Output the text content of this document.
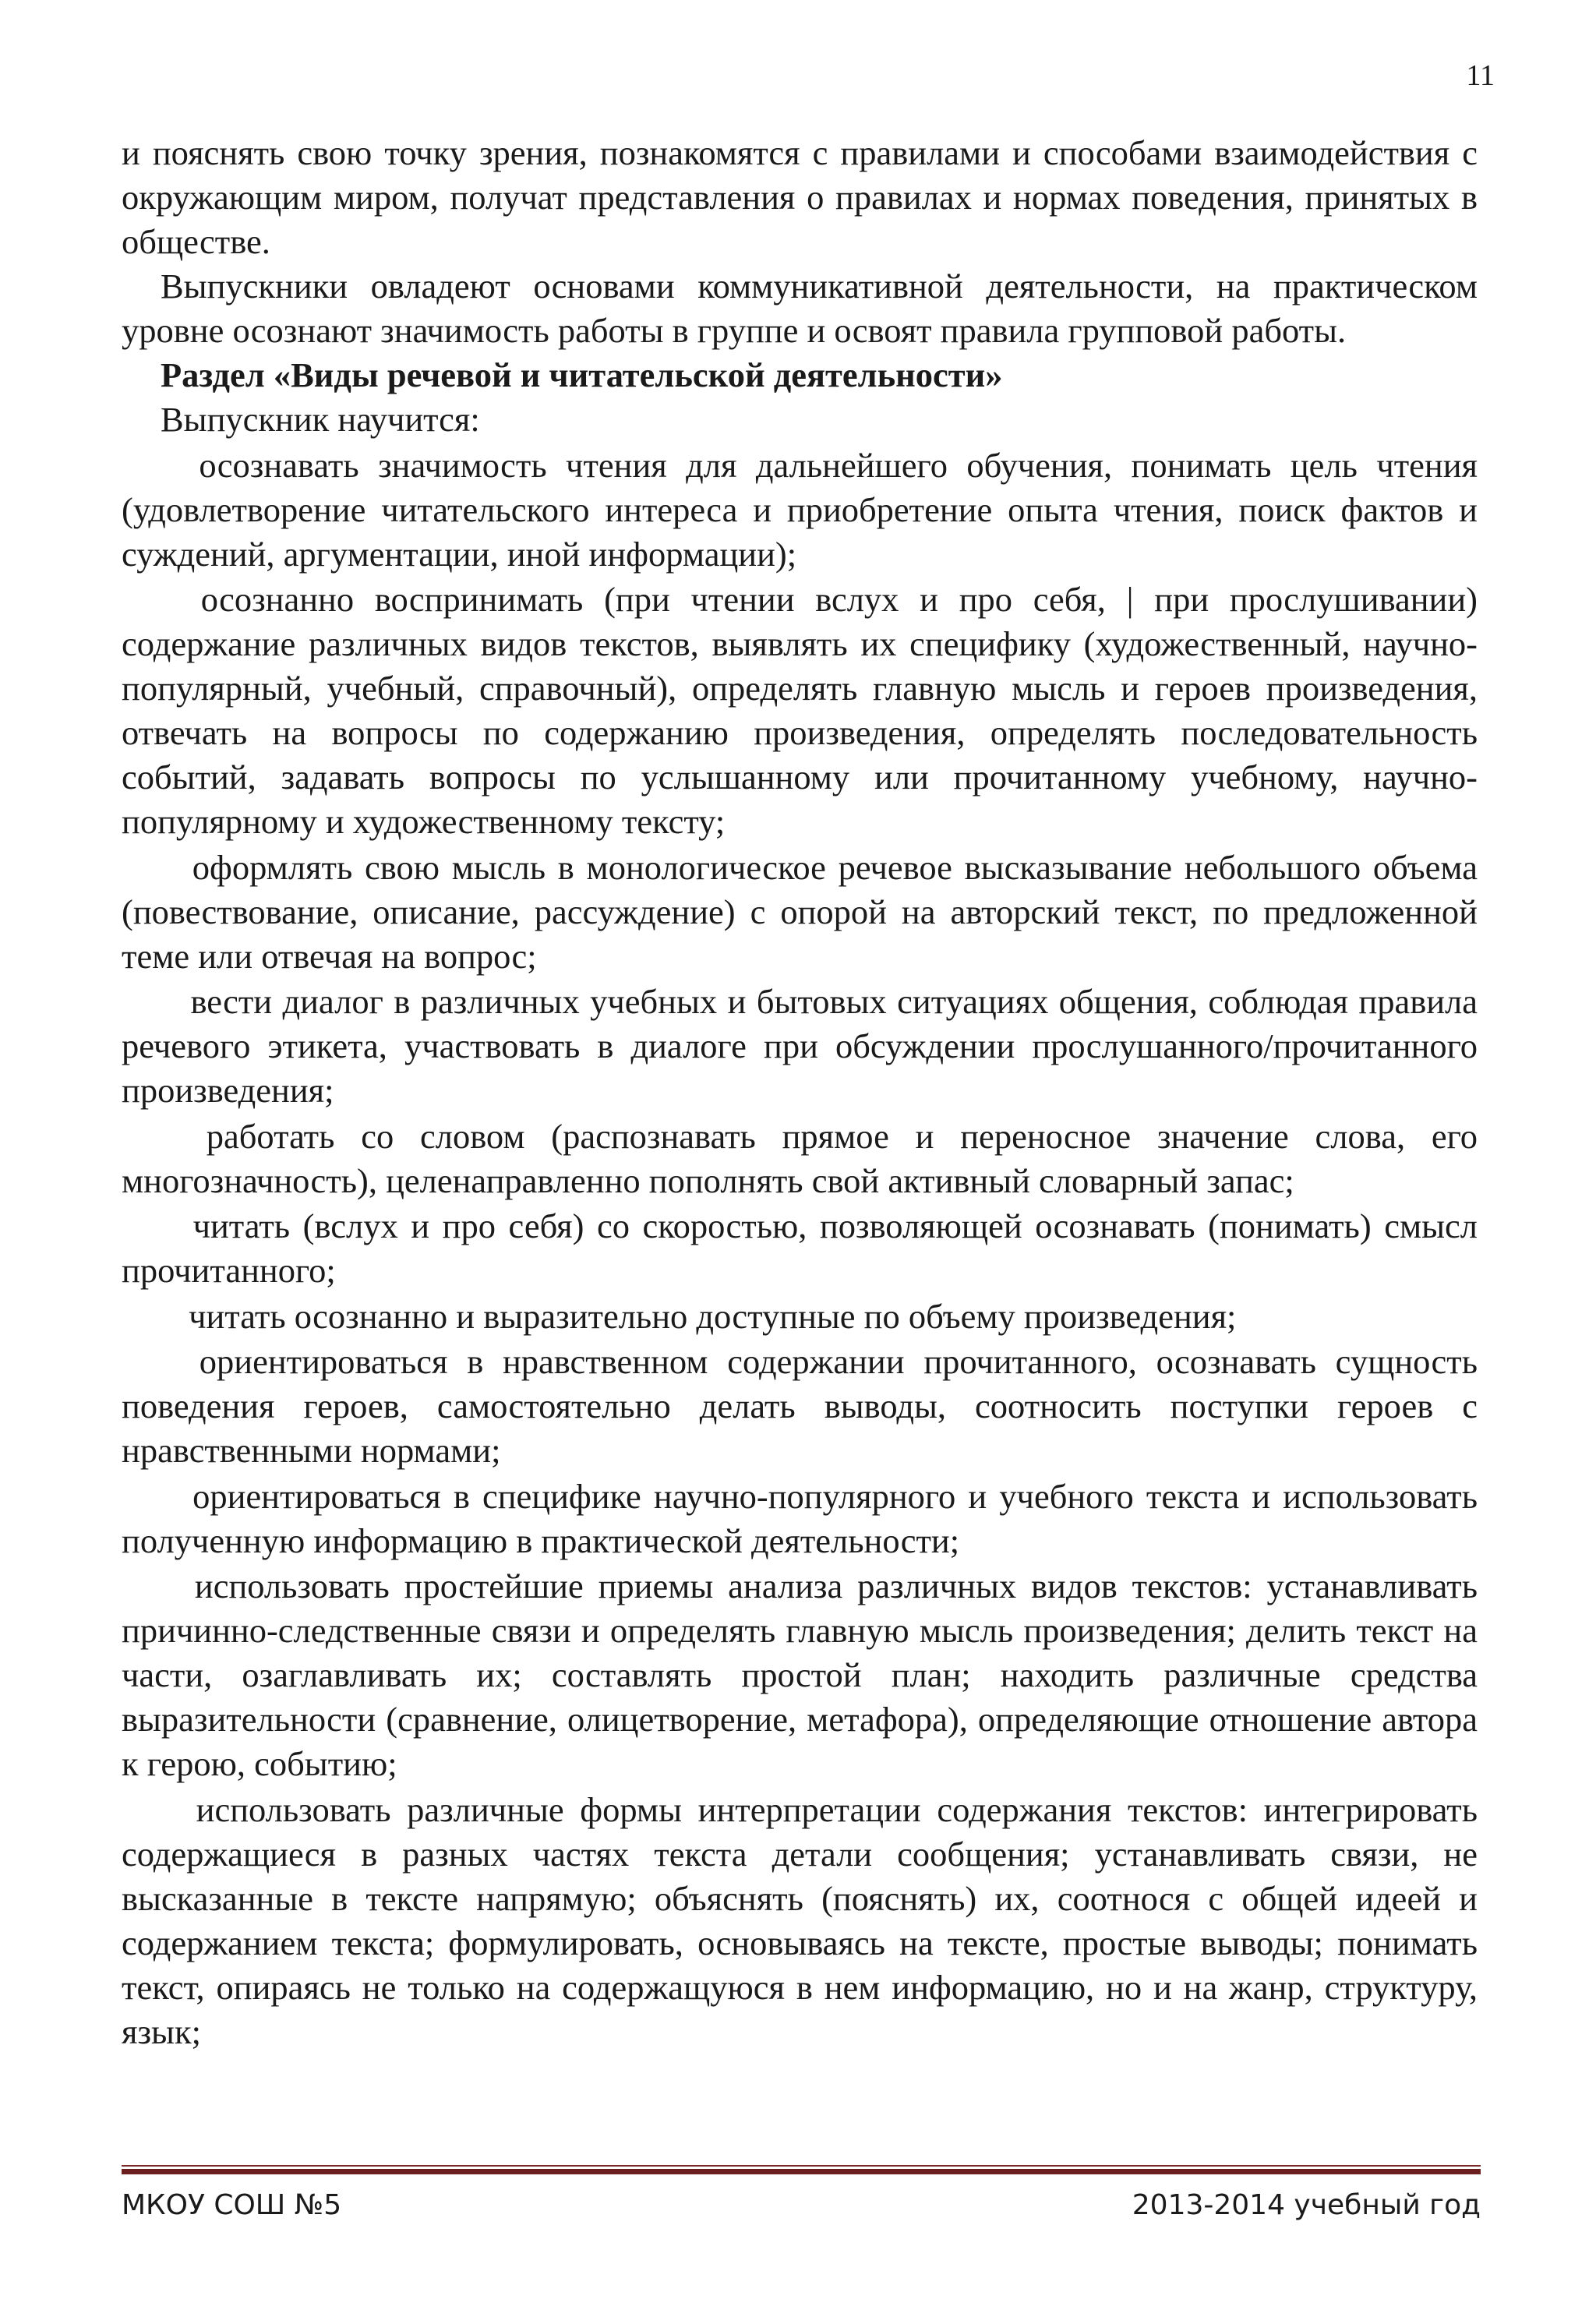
11

и пояснять свою точку зрения, познакомятся с правилами и способами взаимодействия с окружающим миром, получат представления о правилах и нормах поведения, принятых в обществе.

Выпускники овладеют основами коммуникативной деятельности, на практическом уровне осознают значимость работы в группе и освоят правила групповой работы.

Раздел «Виды речевой и читательской деятельности»

Выпускник научится:

осознавать значимость чтения для дальнейшего обучения, понимать цель чтения (удовлетворение читательского интереса и приобретение опыта чтения, поиск фактов и суждений, аргументации, иной информации);

осознанно воспринимать (при чтении вслух и про себя, | при прослушивании) содержание различных видов текстов, выявлять их специфику (художественный, научно-популярный, учебный, справочный), определять главную мысль и героев произведения, отвечать на вопросы по содержанию произведения, определять последовательность событий, задавать вопросы по услышанному или прочитанному учебному, научно-популярному и художественному тексту;

оформлять свою мысль в монологическое речевое высказывание небольшого объема (повествование, описание, рассуждение) с опорой на авторский текст, по предложенной теме или отвечая на вопрос;

вести диалог в различных учебных и бытовых ситуациях общения, соблюдая правила речевого этикета, участвовать в диалоге при обсуждении прослушанного/прочитанного произведения;

работать со словом (распознавать прямое и переносное значение слова, его многозначность), целенаправленно пополнять свой активный словарный запас;

читать (вслух и про себя) со скоростью, позволяющей осознавать (понимать) смысл прочитанного;

читать осознанно и выразительно доступные по объему произведения;

ориентироваться в нравственном содержании прочитанного, осознавать сущность поведения героев, самостоятельно делать выводы, соотносить поступки героев с нравственными нормами;

ориентироваться в специфике научно-популярного и учебного текста и использовать полученную информацию в практической деятельности;

использовать простейшие приемы анализа различных видов текстов: устанавливать причинно-следственные связи и определять главную мысль произведения; делить текст на части, озаглавливать их; составлять простой план; находить различные средства выразительности (сравнение, олицетворение, метафора), определяющие отношение автора к герою, событию;

использовать различные формы интерпретации содержания текстов: интегрировать содержащиеся в разных частях текста детали сообщения; устанавливать связи, не высказанные в тексте напрямую; объяснять (пояснять) их, соотнося с общей идеей и содержанием текста; формулировать, основываясь на тексте, простые выводы; понимать текст, опираясь не только на содержащуюся в нем информацию, но и на жанр, структуру, язык;

МКОУ СОШ №5	2013-2014 учебный год
